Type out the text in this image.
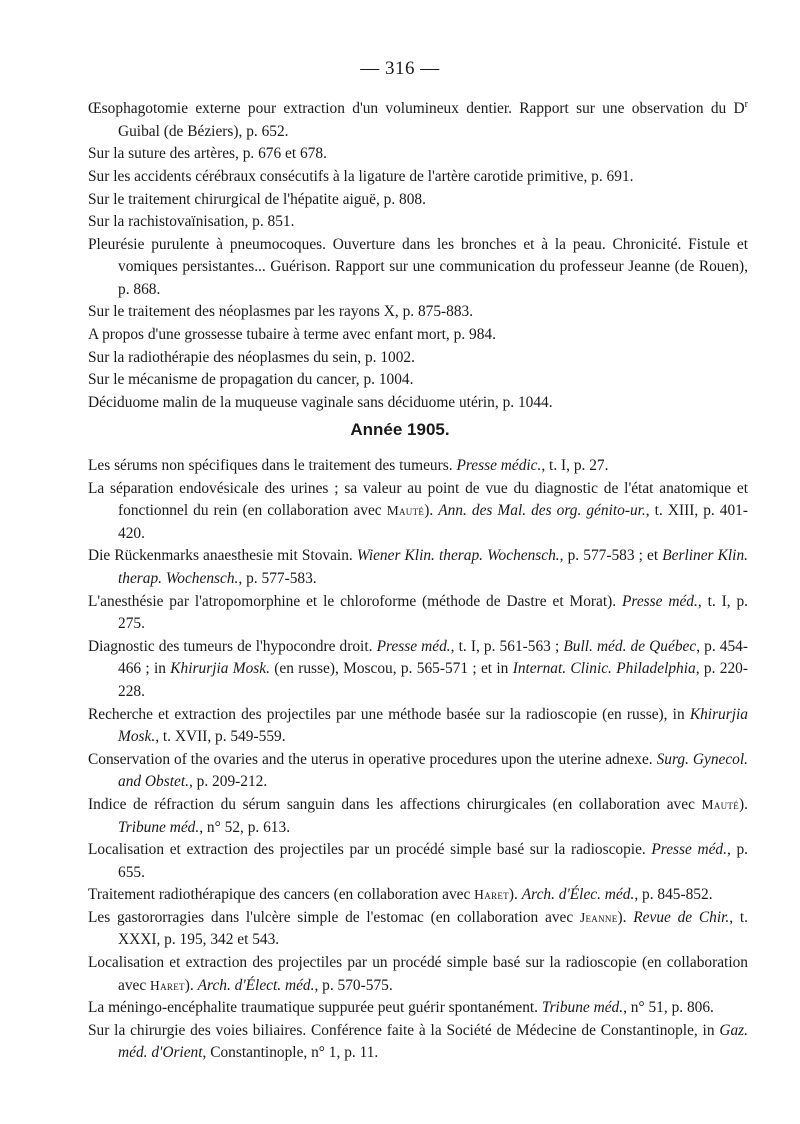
— 316 —

Œsophagotomie externe pour extraction d'un volumineux dentier. Rapport sur une observation du $D^r$ Guibal (de Béziers), p. 652.

Sur la suture des artères, p. 676 et 678.

Sur les accidents cérébraux consécutifs à la ligature de l'artère carotide primitive, p. 691.

Sur le traitement chirurgical de l'hépatite aiguë, p. 808.

Sur la rachistovaïnisation, p. 851.

Pleurésie purulente à pneumocoques. Ouverture dans les bronches et à la peau. Chronicité. Fistule et vomiques persistantes... Guérison. Rapport sur une communication du professeur Jeanne (de Rouen), p. 868.

Sur le traitement des néoplasmes par les rayons X, p. 875-883.

A propos d'une grossesse tubaire à terme avec enfant mort, p. 984.

Sur la radiothérapie des néoplasmes du sein, p. 1002.

Sur le mécanisme de propagation du cancer, p. 1004.

Déciduome malin de la muqueuse vaginale sans déciduome utérin, p. 1044.

Année 1905.

Les sérums non spécifiques dans le traitement des tumeurs. Presse médic., t. I, p. 27.

La séparation endovésicale des urines ; sa valeur au point de vue du diagnostic de l'état anatomique et fonctionnel du rein (en collaboration avec Mauté). Ann. des Mal. des org. génito-ur., t. XIII, p. 401-420.

Die Rückenmarks anaesthesie mit Stovain. Wiener Klin. therap. Wochensch., p. 577-583 ; et Berliner Klin. therap. Wochensch., p. 577-583.

L'anesthésie par l'atropomorphine et le chloroforme (méthode de Dastre et Morat). Presse méd., t. I, p. 275.

Diagnostic des tumeurs de l'hypocondre droit. Presse méd., t. I, p. 561-563 ; Bull. méd. de Québec, p. 454-466 ; in Khirurjia Mosk. (en russe), Moscou, p. 565-571 ; et in Internat. Clinic. Philadelphia, p. 220-228.

Recherche et extraction des projectiles par une méthode basée sur la radioscopie (en russe), in Khirurjia Mosk., t. XVII, p. 549-559.

Conservation of the ovaries and the uterus in operative procedures upon the uterine adnexe. Surg. Gynecol. and Obstet., p. 209-212.

Indice de réfraction du sérum sanguin dans les affections chirurgicales (en collaboration avec Mauté). Tribune méd., n° 52, p. 613.

Localisation et extraction des projectiles par un procédé simple basé sur la radioscopie. Presse méd., p. 655.

Traitement radiothérapique des cancers (en collaboration avec Haret). Arch. d'Élec. méd., p. 845-852.

Les gastororragies dans l'ulcère simple de l'estomac (en collaboration avec Jeanne). Revue de Chir., t. XXXI, p. 195, 342 et 543.

Localisation et extraction des projectiles par un procédé simple basé sur la radioscopie (en collaboration avec Haret). Arch. d'Élect. méd., p. 570-575.

La méningo-encéphalite traumatique suppurée peut guérir spontanément. Tribune méd., n° 51, p. 806.

Sur la chirurgie des voies biliaires. Conférence faite à la Société de Médecine de Constantinople, in Gaz. méd. d'Orient, Constantinople, n° 1, p. 11.
